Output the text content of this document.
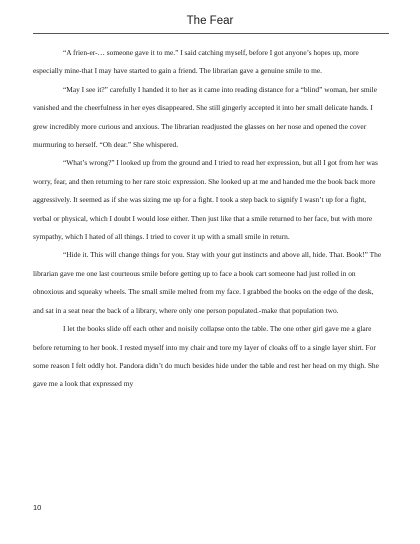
The Fear

“A frien-er-… someone gave it to me.” I said catching myself, before I got anyone’s hopes up, more especially mine-that I may have started to gain a friend. The librarian gave a genuine smile to me.

“May I see it?” carefully I handed it to her as it came into reading distance for a “blind” woman, her smile vanished and the cheerfulness in her eyes disappeared. She still gingerly accepted it into her small delicate hands. I grew incredibly more curious and anxious. The librarian readjusted the glasses on her nose and opened the cover murmuring to herself. “Oh dear.” She whispered.

“What’s wrong?” I looked up from the ground and I tried to read her expression, but all I got from her was worry, fear, and then returning to her rare stoic expression. She looked up at me and handed me the book back more aggressively. It seemed as if she was sizing me up for a fight. I took a step back to signify I wasn’t up for a fight, verbal or physical, which I doubt I would lose either. Then just like that a smile returned to her face, but with more sympathy, which I hated of all things. I tried to cover it up with a small smile in return.

“Hide it. This will change things for you. Stay with your gut instincts and above all, hide. That. Book!” The librarian gave me one last courteous smile before getting up to face a book cart someone had just rolled in on obnoxious and squeaky wheels. The small smile melted from my face. I grabbed the books on the edge of the desk, and sat in a seat near the back of a library, where only one person populated.-make that population two.

I let the books slide off each other and noisily collapse onto the table. The one other girl gave me a glare before returning to her book. I rested myself into my chair and tore my layer of cloaks off to a single layer shirt. For some reason I felt oddly hot. Pandora didn’t do much besides hide under the table and rest her head on my thigh. She gave me a look that expressed my

10
